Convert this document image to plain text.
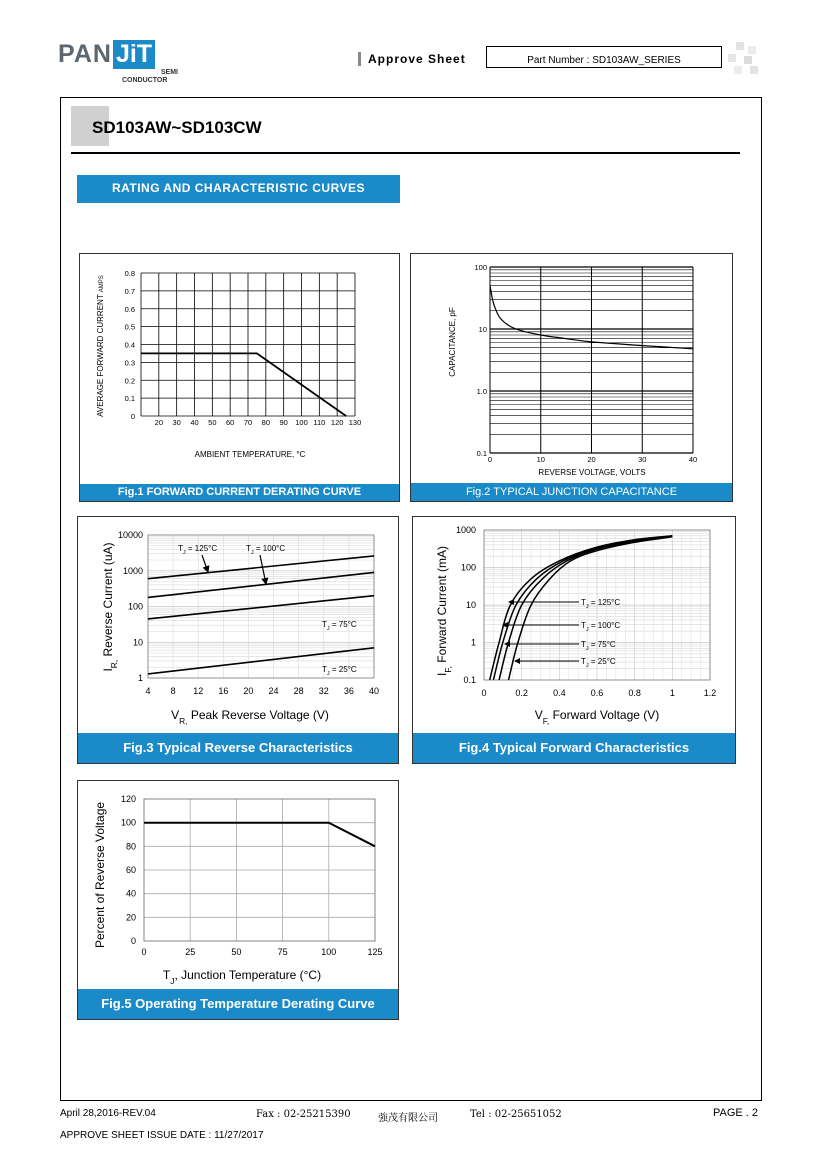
PAN JiT
SEMI
CONDUCTOR
Approve Sheet	Part Number : SD103AW_SERIES
SD103AW~SD103CW
RATING AND CHARACTERISTIC CURVES
20 30 40 50 60 70 80 90 100 110 120 130
0
0.1
0.2
0.3
0.4
0.5
0.6
0.7
0.8
AMBIENT TEMPERATURE, °C
AVERAGE FORWARD CURRENT AMPS
Fig.1 FORWARD CURRENT DERATING CURVE
0	10	20	30	40
0.1
1.0
10
100
REVERSE VOLTAGE, VOLTS
CAPACITANCE, pF
Fig.2 TYPICAL JUNCTION CAPACITANCE
4 8 12 16 20 24 28 32 36 40
1
10
100
1000
10000
$T_J = 125^\circ C$	$T_J = 100^\circ C$
$T_J = 75^\circ C$
$T_J = 25^\circ C$
$V_{R,}$ Peak Reverse Voltage (V)
$I_{R,}$ Reverse Current (uA)
Fig.3 Typical Reverse Characteristics
0	0.2	0.4	0.6	0.8	1	1.2
0.1
1
10
100
1000
$T_J = 125^\circ C$
$T_J = 100^\circ C$
$T_J = 75^\circ C$
$T_J = 25^\circ C$
$V_{F,}$ Forward Voltage (V)
$I_{F,}$ Forward Current (mA)
Fig.4 Typical Forward Characteristics
0	25	50	75	100	125
0
20
40
60
80
100
120
$T_J$, Junction Temperature (°C)
Percent of Reverse Voltage
Fig.5 Operating Temperature Derating Curve
April 28,2016-REV.04	Fax : 02-25215390	強茂有限公司	Tel : 02-25651052	PAGE . 2
APPROVE SHEET ISSUE DATE : 11/27/2017
